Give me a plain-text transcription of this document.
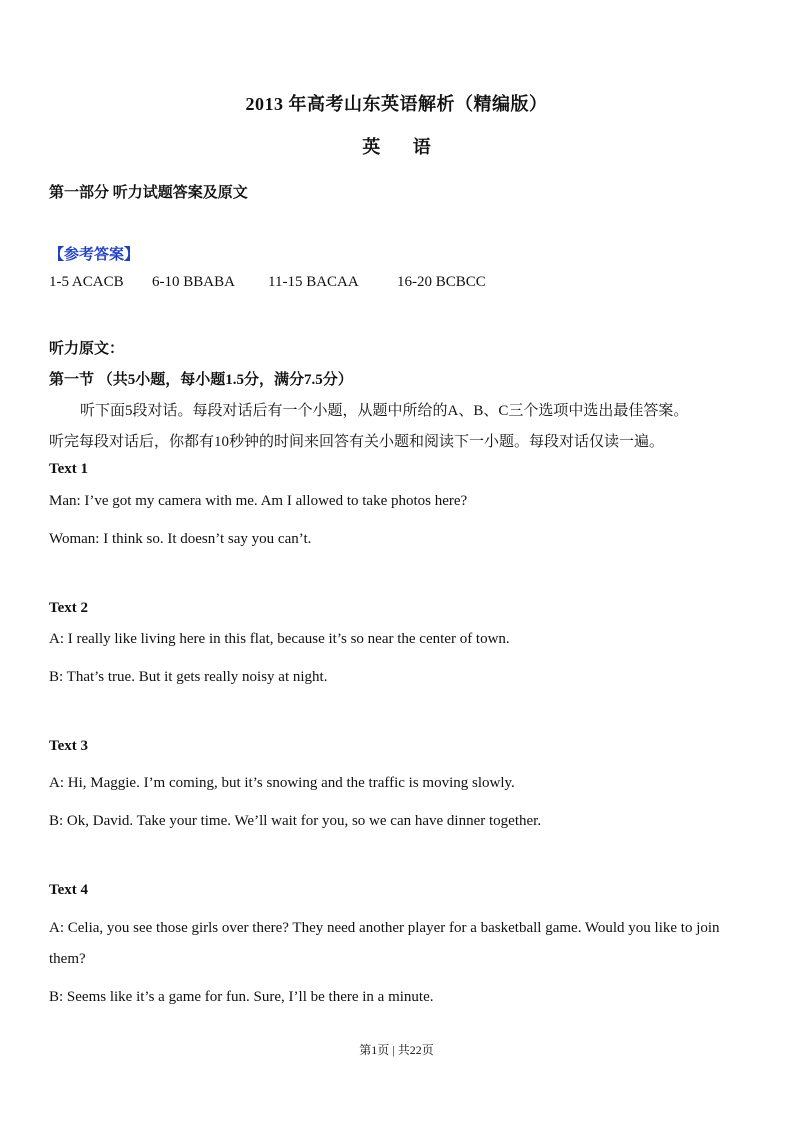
2013 年高考山东英语解析（精编版）
英 语
第一部分 听力试题答案及原文
【参考答案】
1-5 ACACB 6-10 BBABA 11-15 BACAA	16-20 BCBCC
听力原文：
第一节 （共5小题，每小题1.5分，满分7.5分）
听下面5段对话。每段对话后有一个小题，从题中所给的A、B、C三个选项中选出最佳答案。
听完每段对话后，你都有10秒钟的时间来回答有关小题和阅读下一小题。每段对话仅读一遍。
Text 1
Man: I’ve got my camera with me. Am I allowed to take photos here?
Woman: I think so. It doesn’t say you can’t.
Text 2
A: I really like living here in this flat, because it’s so near the center of town.
B: That’s true. But it gets really noisy at night.
Text 3
A: Hi, Maggie. I’m coming, but it’s snowing and the traffic is moving slowly.
B: Ok, David. Take your time. We’ll wait for you, so we can have dinner together.
Text 4
A: Celia, you see those girls over there? They need another player for a basketball game. Would you like to join them?
B: Seems like it’s a game for fun. Sure, I’ll be there in a minute.
第1页 | 共22页
